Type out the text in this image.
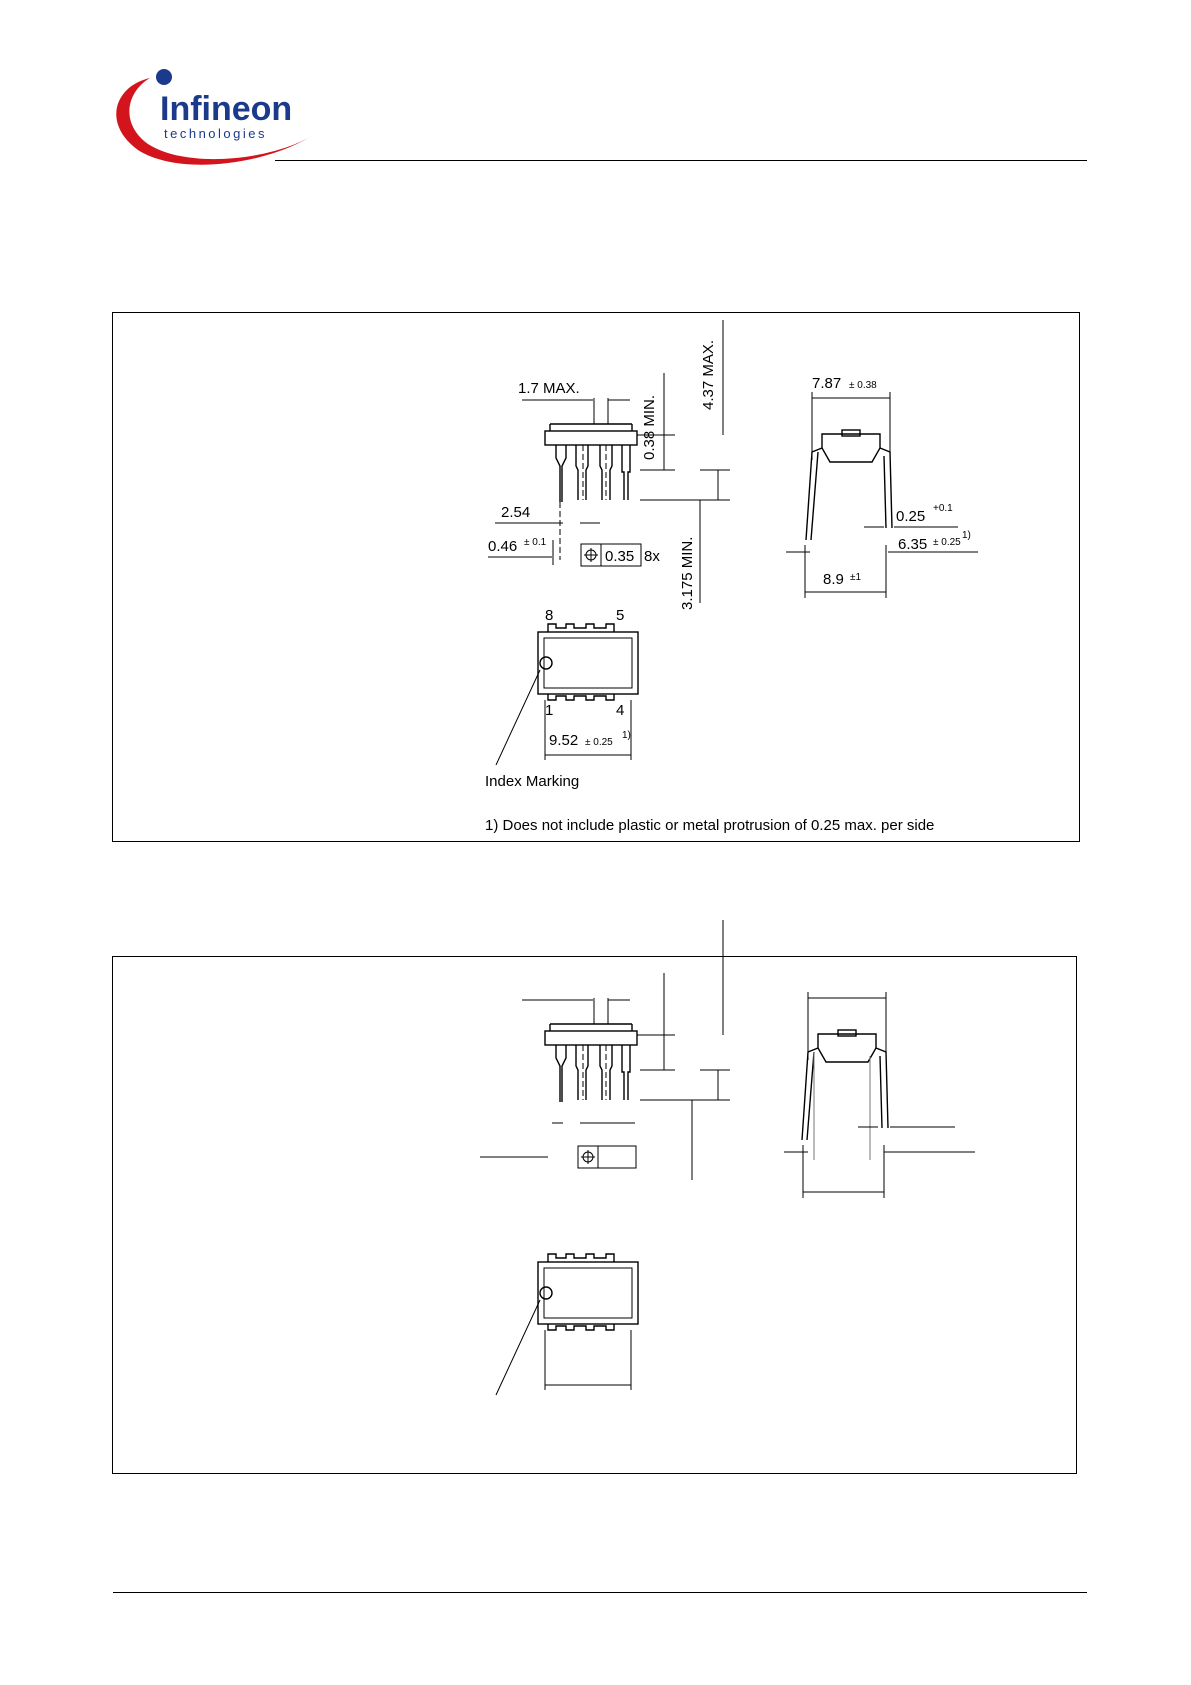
Infineon
technologies
1.7 MAX.
0.38 MIN.
4.37 MAX.
2.54
0.46 ± 0.1
0.35 8x 3.175 MIN.
7.87 ± 0.38
0.25 +0.1
6.35 ± 0.25
1)
8.9 ±1
8	5
1	4
9.52 ± 0.25
1)
Index Marking
1) Does not include plastic or metal protrusion of 0.25 max. per side
